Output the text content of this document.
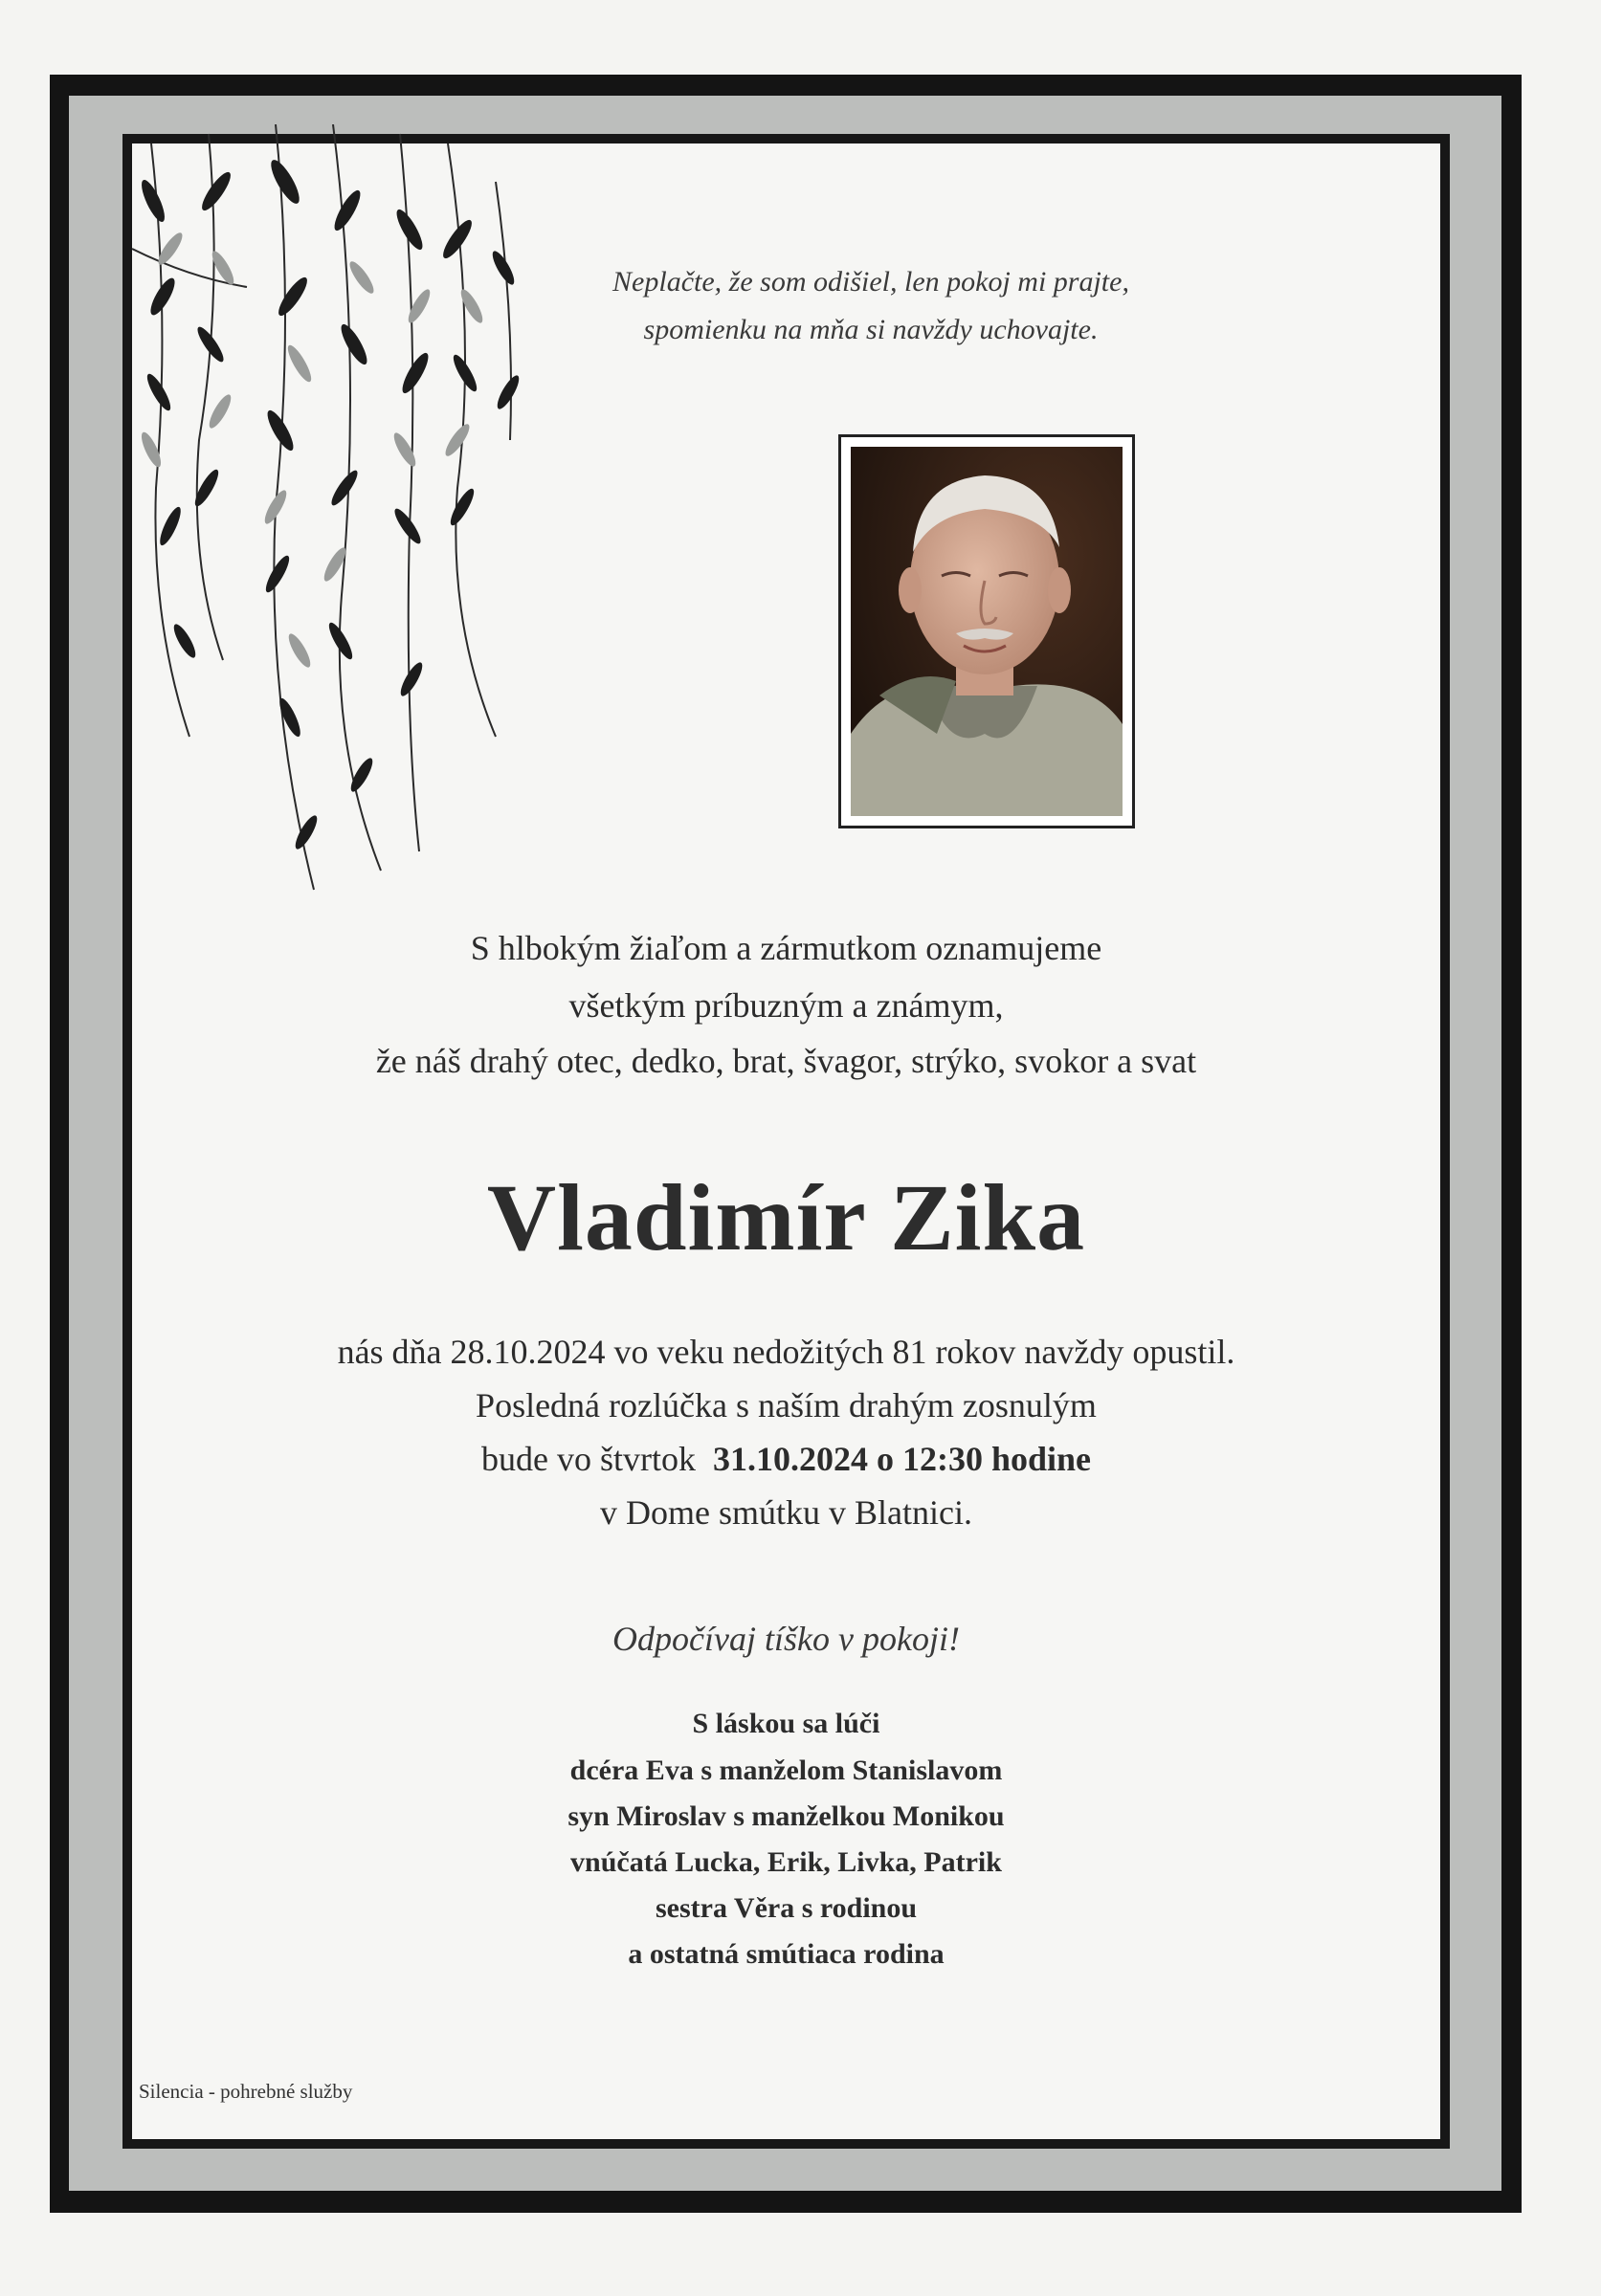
Neplačte, že som odišiel, len pokoj mi prajte,
spomienku na mňa si navždy uchovajte.
S hlbokým žiaľom a zármutkom oznamujeme
všetkým príbuzným a známym,
že náš drahý otec, dedko, brat, švagor, strýko, svokor a svat
Vladimír Zika
nás dňa 28.10.2024 vo veku nedožitých 81 rokov navždy opustil.
Posledná rozlúčka s naším drahým zosnulým
bude vo štvrtok 31.10.2024 o 12:30 hodine
v Dome smútku v Blatnici.
Odpočívaj tíško v pokoji!
S láskou sa lúči
dcéra Eva s manželom Stanislavom
syn Miroslav s manželkou Monikou
vnúčatá Lucka, Erik, Livka, Patrik
sestra Věra s rodinou
a ostatná smútiaca rodina
Silencia - pohrebné služby
